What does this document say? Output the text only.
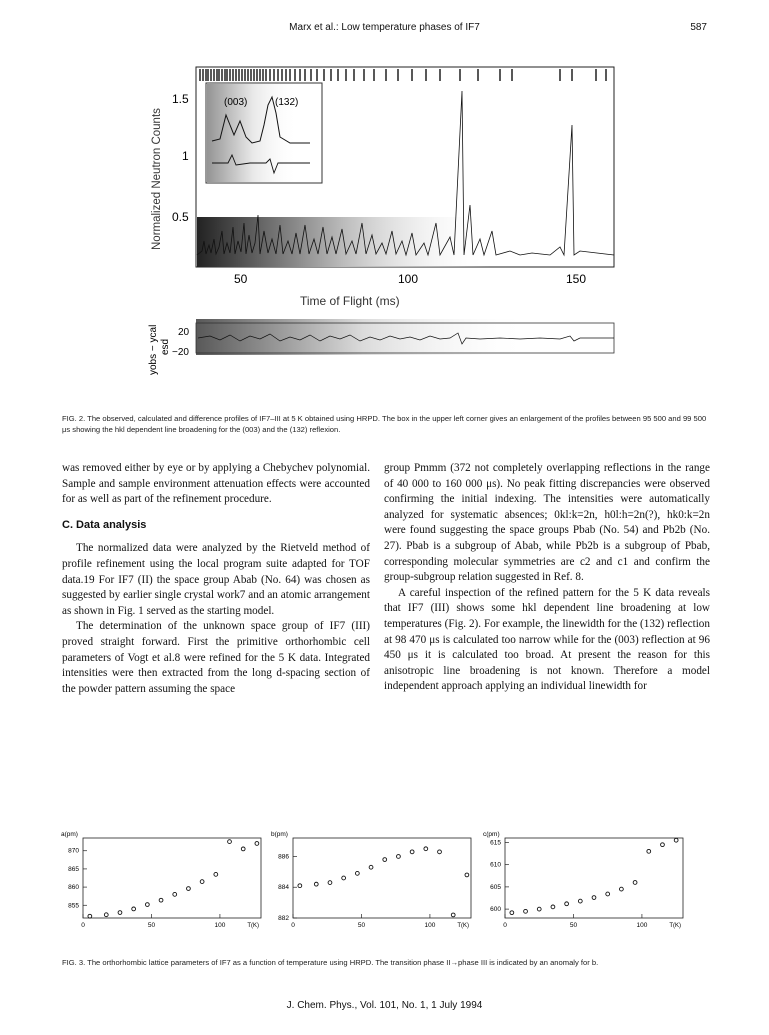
Marx et al.: Low temperature phases of IF7	587
(003)	(132)
1.5
1
0.5
Normalized Neutron Counts
50	100	150
Time of Flight (ms)
20
−20
yobs − ycal esd
FIG. 2. The observed, calculated and difference profiles of IF7–III at 5 K obtained using HRPD. The box in the upper left corner gives an enlargement of the profiles between 95 500 and 99 500 μs showing the hkl dependent line broadening for the (003) and the (132) reflexion.

was removed either by eye or by applying a Chebychev polynomial. Sample and sample environment attenuation effects were accounted for as well as part of the refinement procedure.

C. Data analysis

The normalized data were analyzed by the Rietveld method of profile refinement using the local program suite adapted for TOF data.19 For IF7 (II) the space group Abab (No. 64) was chosen as suggested by earlier single crystal work7 and an atomic arrangement as shown in Fig. 1 served as the starting model.

The determination of the unknown space group of IF7 (III) proved straight forward. First the primitive orthorhombic cell parameters of Vogt et al.8 were refined for the 5 K data. Integrated intensities were then extracted from the long d-spacing section of the powder pattern assuming the space

group Pmmm (372 not completely overlapping reflections in the range of 40 000 to 160 000 μs). No peak fitting discrepancies were observed confirming the initial indexing. The intensities were automatically analyzed for systematic absences; 0kl:k=2n, h0l:h=2n(?), hk0:k=2n were found suggesting the space groups Pbab (No. 54) and Pb2b (No. 27). Pbab is a subgroup of Abab, while Pb2b is a subgroup of Pbab, corresponding molecular symmetries are c2 and c1 and confirm the group-subgroup relation suggested in Ref. 8.

A careful inspection of the refined pattern for the 5 K data reveals that IF7 (III) shows some hkl dependent line broadening at low temperatures (Fig. 2). For example, the linewidth for the (132) reflection at 98 470 μs is calculated too narrow while for the (003) reflection at 96 450 μs it is calculated too broad. At present the reason for this anisotropic line broadening is not known. Therefore a model independent approach applying an individual linewidth for

a(pm)
855
860
865
870
0	50	100	T(K)
b(pm)
882
884
886
0	50	100	T(K)
c(pm)
600
605
610
615
0	50	100	T(K)
FIG. 3. The orthorhombic lattice parameters of IF7 as a function of temperature using HRPD. The transition phase II→phase III is indicated by an anomaly for b.
J. Chem. Phys., Vol. 101, No. 1, 1 July 1994
